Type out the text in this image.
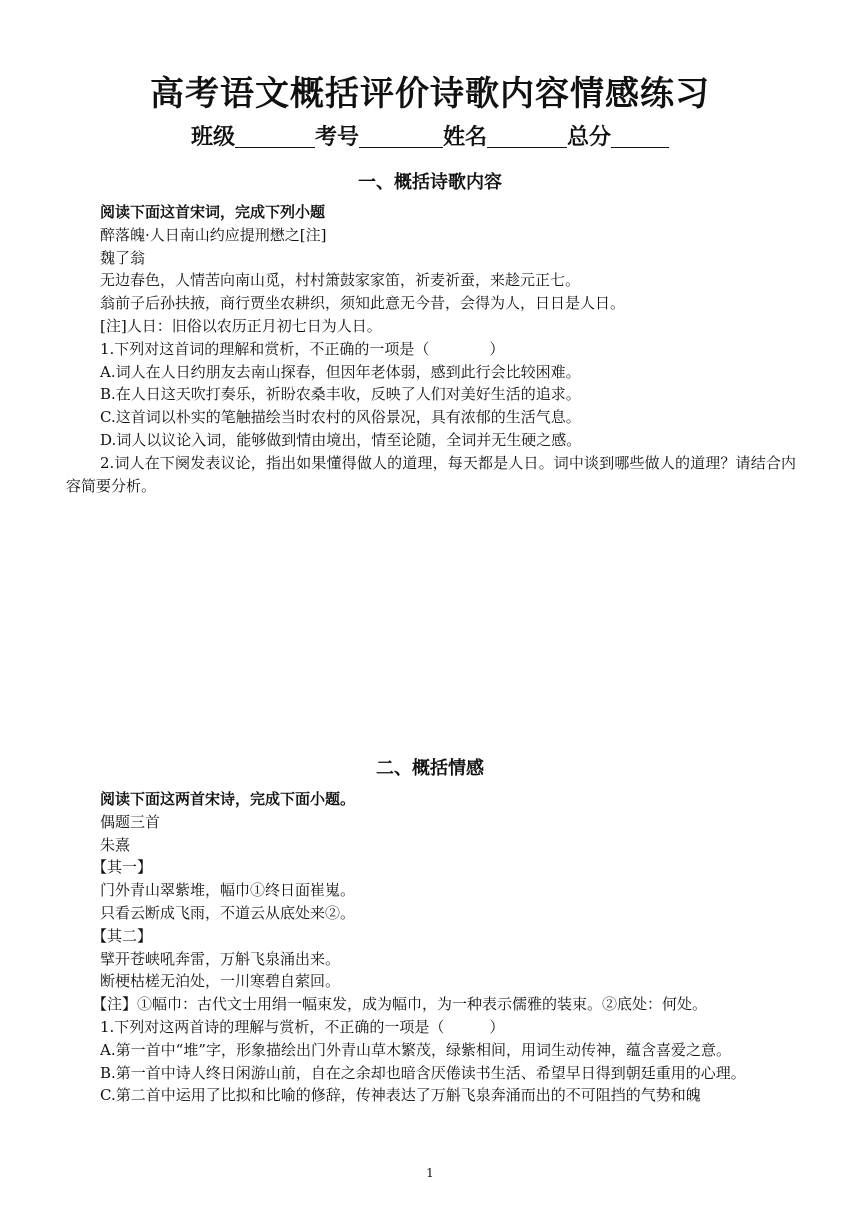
高考语文概括评价诗歌内容情感练习
班级	考号	姓名	总分
一、概括诗歌内容

阅读下面这首宋词，完成下列小题

醉落魄·人日南山约应提刑懋之[注]

魏了翁

无边春色，人情苦向南山觅，村村箫鼓家家笛，祈麦祈蚕，来趁元正七。

翁前子后孙扶掖，商行贾坐农耕织，须知此意无今昔，会得为人，日日是人日。

[注]人日：旧俗以农历正月初七日为人日。

1.下列对这首词的理解和赏析，不正确的一项是（　　　　）

A.词人在人日约朋友去南山探春，但因年老体弱，感到此行会比较困难。

B.在人日这天吹打奏乐，祈盼农桑丰收，反映了人们对美好生活的追求。

C.这首词以朴实的笔触描绘当时农村的风俗景况，具有浓郁的生活气息。

D.词人以议论入词，能够做到情由境出，情至论随，全词并无生硬之感。

2.词人在下阕发表议论，指出如果懂得做人的道理，每天都是人日。词中谈到哪些做人的道理？请结合内容简要分析。

二、概括情感

阅读下面这两首宋诗，完成下面小题。

偶题三首

朱熹

【其一】

门外青山翠紫堆，幅巾①终日面崔嵬。

只看云断成飞雨，不道云从底处来②。

【其二】

擘开苍峡吼奔雷，万斛飞泉涌出来。

断梗枯槎无泊处，一川寒碧自萦回。

【注】①幅巾：古代文士用绢一幅束发，成为幅巾，为一种表示儒雅的装束。②底处：何处。

1.下列对这两首诗的理解与赏析，不正确的一项是（　　　）

A.第一首中“堆”字，形象描绘出门外青山草木繁茂，绿紫相间，用词生动传神，蕴含喜爱之意。

B.第一首中诗人终日闲游山前，自在之余却也暗含厌倦读书生活、希望早日得到朝廷重用的心理。

C.第二首中运用了比拟和比喻的修辞，传神表达了万斛飞泉奔涌而出的不可阻挡的气势和魄

1
